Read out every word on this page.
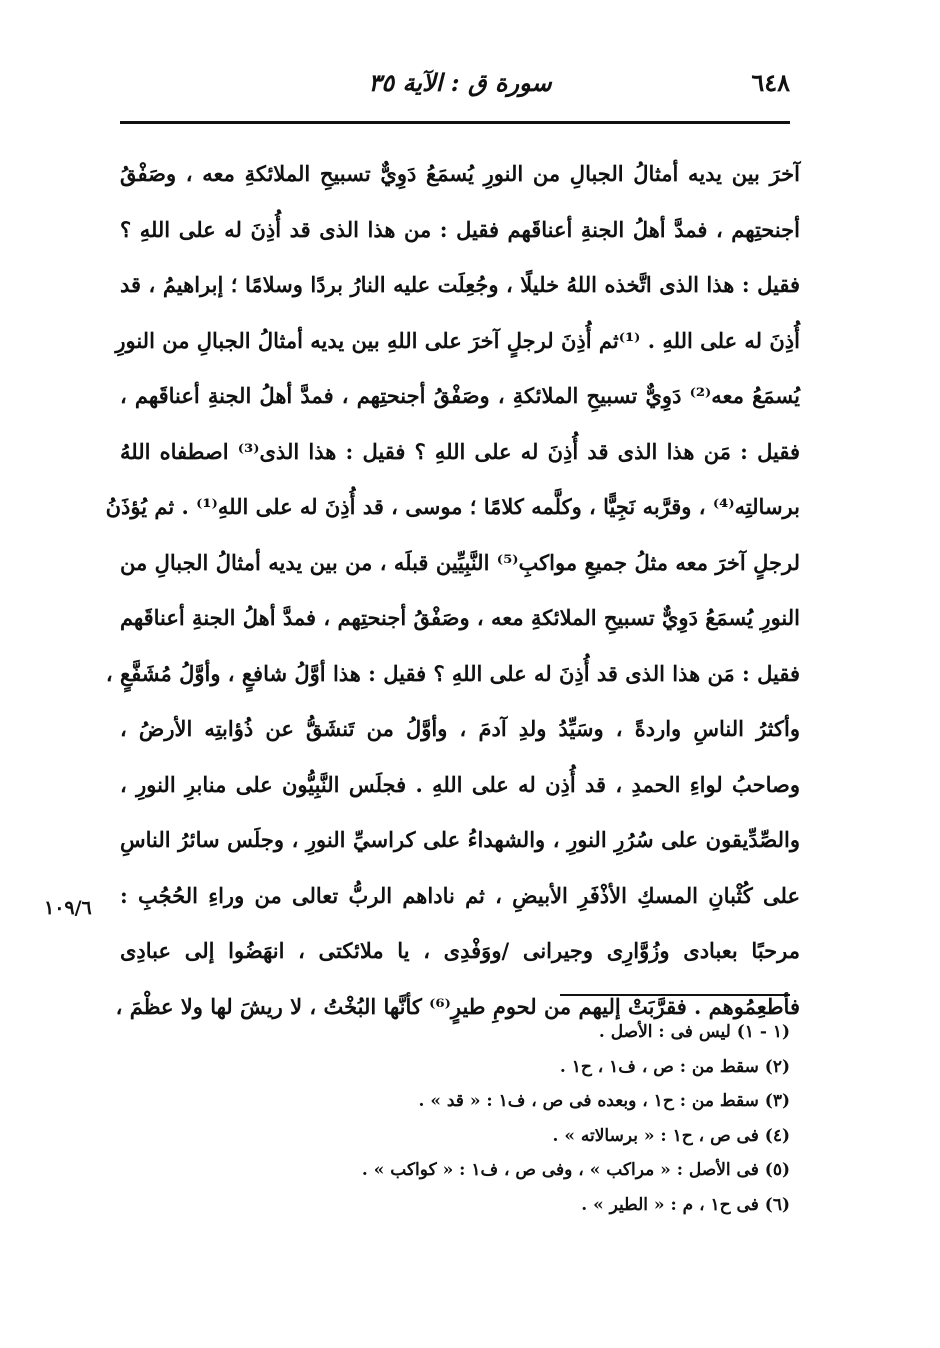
٦٤٨
سورة ق : الآية ٣٥
١٠٩/٦
آخرَ بين يديه أمثالُ الجبالِ من النورِ يُسمَعُ دَوِيٌّ تسبيحِ الملائكةِ معه ، وصَفْقُ
أجنحتِهم ، فمدَّ أهلُ الجنةِ أعناقَهم فقيل : من هذا الذى قد أُذِنَ له على اللهِ ؟
فقيل : هذا الذى اتَّخذه اللهُ خليلًا ، وجُعِلَت عليه النارُ بردًا وسلامًا ؛ إبراهيمُ ، قد
أُذِنَ له على اللهِ . ⁽¹⁾ثم أُذِنَ لرجلٍ آخرَ على اللهِ بين يديه أمثالُ الجبالِ من النورِ
يُسمَعُ معه⁽²⁾ دَوِيٌّ تسبيحِ الملائكةِ ، وصَفْقُ أجنحتِهم ، فمدَّ أهلُ الجنةِ أعناقَهم ،
فقيل : مَن هذا الذى قد أُذِنَ له على اللهِ ؟ فقيل : هذا الذى⁽³⁾ اصطفاه اللهُ
برسالتِه⁽⁴⁾ ، وقرَّبه نَجِيًّا ، وكلَّمه كلامًا ؛ موسى ، قد أُذِنَ له على اللهِ⁽¹⁾ . ثم يُؤذَنُ
لرجلٍ آخرَ معه مثلُ جميعِ مواكبِ⁽⁵⁾ النَّبِيِّين قبلَه ، من بين يديه أمثالُ الجبالِ من
النورِ يُسمَعُ دَوِيٌّ تسبيحِ الملائكةِ معه ، وصَفْقُ أجنحتِهم ، فمدَّ أهلُ الجنةِ أعناقَهم
فقيل : مَن هذا الذى قد أُذِنَ له على اللهِ ؟ فقيل : هذا أوَّلُ شافعٍ ، وأوَّلُ مُشَفَّعٍ ،
وأكثرُ الناسِ واردةً ، وسَيِّدُ ولدِ آدمَ ، وأوَّلُ من تَنشَقُّ عن ذُؤابتِه الأرضُ ،
وصاحبُ لواءِ الحمدِ ، قد أُذِن له على اللهِ . فجلَس النَّبِيُّون على منابرِ النورِ ،
والصِّدِّيقون على سُرُرِ النورِ ، والشهداءُ على كراسيِّ النورِ ، وجلَس سائرُ الناسِ
على كُثْبانِ المسكِ الأذْفَرِ الأبيضِ ، ثم ناداهم الربُّ تعالى من وراءِ الحُجُبِ :
مرحبًا بعبادى وزُوَّارِى وجيرانى /ووَفْدِى ، يا ملائكتى ، انهَضُوا إلى عبادِى
فأطعِمُوهم . فقرَّبَتْ إليهم من لحومِ طيرٍ⁽⁶⁾ كأنَّها البُخْتُ ، لا ريشَ لها ولا عظْمَ ،
(١ - ١) ليس فى : الأصل .
(٢) سقط من : ص ، ف١ ، ح١ .
(٣) سقط من : ح١ ، وبعده فى ص ، ف١ : « قد » .
(٤) فى ص ، ح١ : « برسالاته » .
(٥) فى الأصل : « مراكب » ، وفى ص ، ف١ : « كواكب » .
(٦) فى ح١ ، م : « الطير » .
